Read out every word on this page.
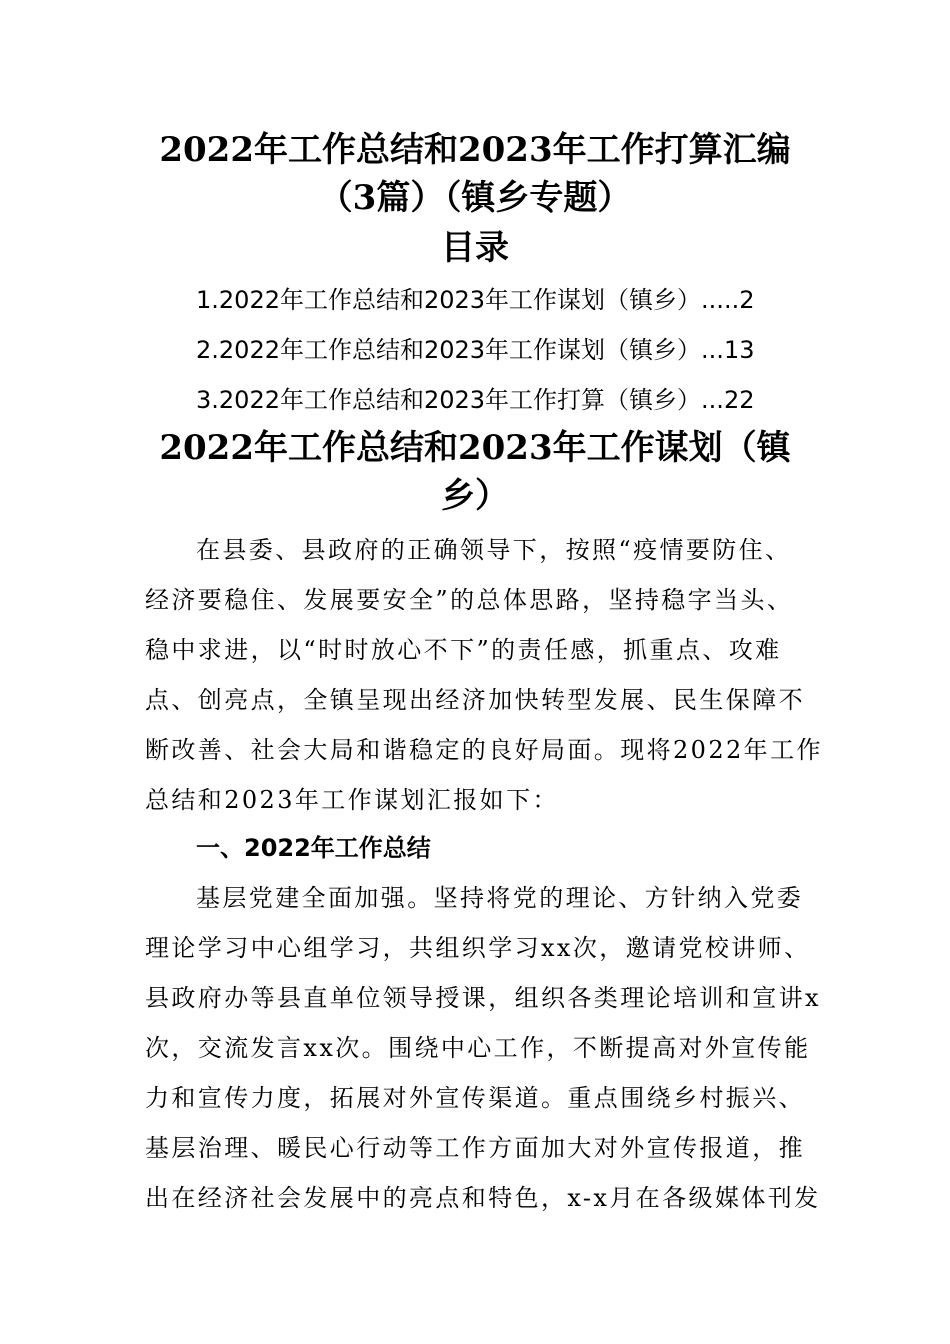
2022年工作总结和2023年工作打算汇编
（3篇）（镇乡专题）
目录

1.2022年工作总结和2023年工作谋划（镇乡）.....2

2.2022年工作总结和2023年工作谋划（镇乡）...13

3.2022年工作总结和2023年工作打算（镇乡）...22

2022年工作总结和2023年工作谋划（镇
乡）

在县委、县政府的正确领导下，按照“疫情要防住、

经济要稳住、发展要安全”的总体思路，坚持稳字当头、

稳中求进，以“时时放心不下”的责任感，抓重点、攻难

点、创亮点，全镇呈现出经济加快转型发展、民生保障不

断改善、社会大局和谐稳定的良好局面。现将2022年工作

总结和2023年工作谋划汇报如下：

一、2022年工作总结

基层党建全面加强。坚持将党的理论、方针纳入党委

理论学习中心组学习，共组织学习xx次，邀请党校讲师、

县政府办等县直单位领导授课，组织各类理论培训和宣讲x

次，交流发言xx次。围绕中心工作，不断提高对外宣传能

力和宣传力度，拓展对外宣传渠道。重点围绕乡村振兴、

基层治理、暖民心行动等工作方面加大对外宣传报道，推

出在经济社会发展中的亮点和特色，x-x月在各级媒体刊发
